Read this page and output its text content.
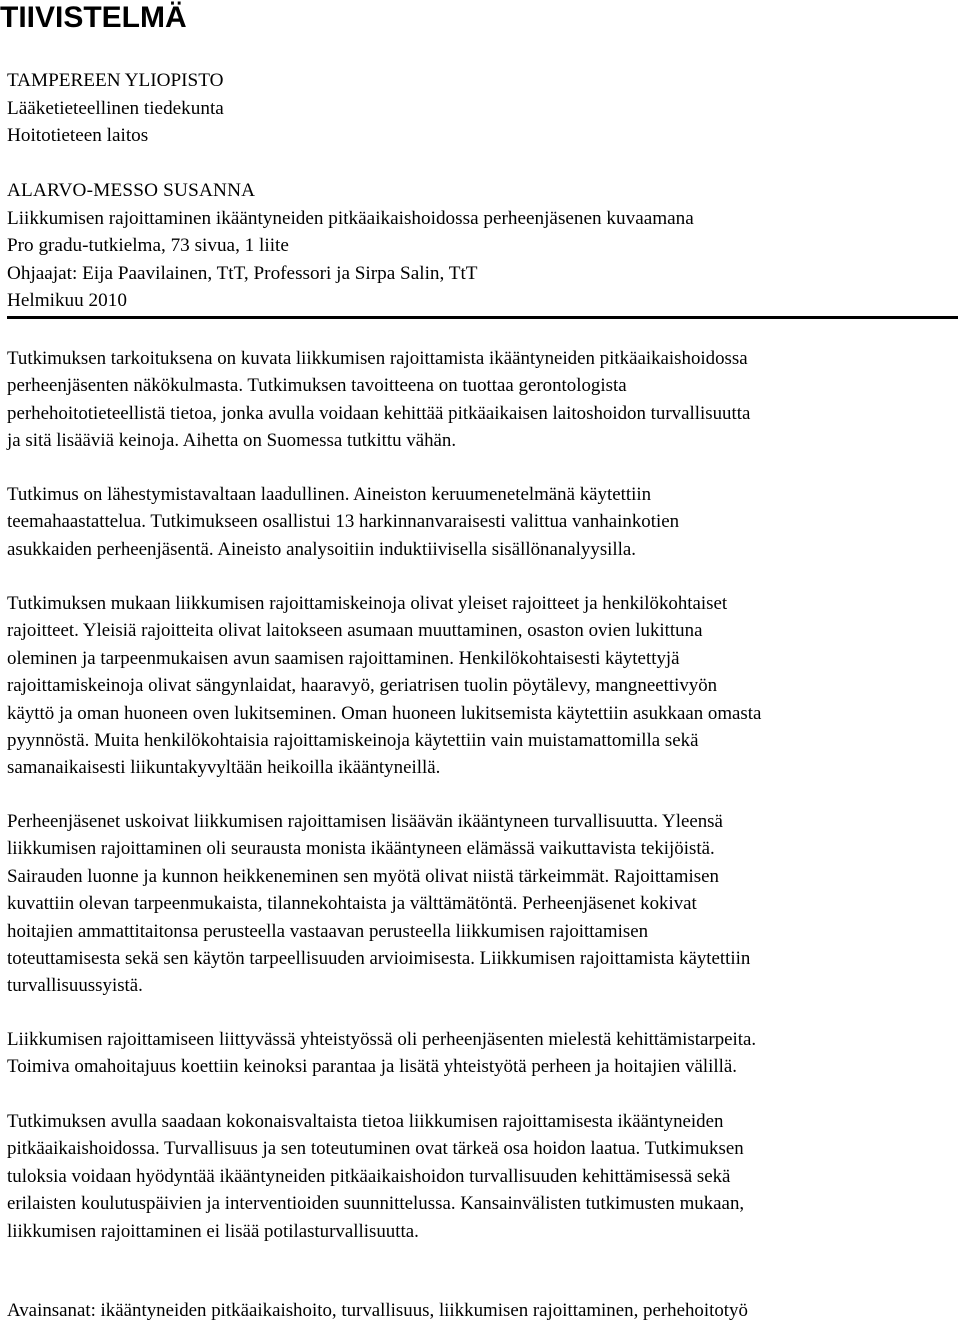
TIIVISTELMÄ
TAMPEREEN YLIOPISTO
Lääketieteellinen tiedekunta
Hoitotieteen laitos
ALARVO-MESSO SUSANNA
Liikkumisen rajoittaminen ikääntyneiden pitkäaikaishoidossa perheenjäsenen kuvaamana
Pro gradu-tutkielma, 73 sivua, 1 liite
Ohjaajat: Eija Paavilainen, TtT, Professori ja Sirpa Salin, TtT
Helmikuu 2010
Tutkimuksen tarkoituksena on kuvata liikkumisen rajoittamista ikääntyneiden pitkäaikaishoidossa
perheenjäsenten näkökulmasta. Tutkimuksen tavoitteena on tuottaa gerontologista
perhehoitotieteellistä tietoa, jonka avulla voidaan kehittää pitkäaikaisen laitoshoidon turvallisuutta
ja sitä lisääviä keinoja. Aihetta on Suomessa tutkittu vähän.
Tutkimus on lähestymistavaltaan laadullinen. Aineiston keruumenetelmänä käytettiin
teemahaastattelua. Tutkimukseen osallistui 13 harkinnanvaraisesti valittua vanhainkotien
asukkaiden perheenjäsentä. Aineisto analysoitiin induktiivisella sisällönanalyysilla.
Tutkimuksen mukaan liikkumisen rajoittamiskeinoja olivat yleiset rajoitteet ja henkilökohtaiset
rajoitteet. Yleisiä rajoitteita olivat laitokseen asumaan muuttaminen, osaston ovien lukittuna
oleminen ja tarpeenmukaisen avun saamisen rajoittaminen. Henkilökohtaisesti käytettyjä
rajoittamiskeinoja olivat sängynlaidat, haaravyö, geriatrisen tuolin pöytälevy, mangneettivyön
käyttö ja oman huoneen oven lukitseminen. Oman huoneen lukitsemista käytettiin asukkaan omasta
pyynnöstä. Muita henkilökohtaisia rajoittamiskeinoja käytettiin vain muistamattomilla sekä
samanaikaisesti liikuntakyvyltään heikoilla ikääntyneillä.
Perheenjäsenet uskoivat liikkumisen rajoittamisen lisäävän ikääntyneen turvallisuutta. Yleensä
liikkumisen rajoittaminen oli seurausta monista ikääntyneen elämässä vaikuttavista tekijöistä.
Sairauden luonne ja kunnon heikkeneminen sen myötä olivat niistä tärkeimmät. Rajoittamisen
kuvattiin olevan tarpeenmukaista, tilannekohtaista ja välttämätöntä. Perheenjäsenet kokivat
hoitajien ammattitaitonsa perusteella vastaavan perusteella liikkumisen rajoittamisen
toteuttamisesta sekä sen käytön tarpeellisuuden arvioimisesta. Liikkumisen rajoittamista käytettiin
turvallisuussyistä.
Liikkumisen rajoittamiseen liittyvässä yhteistyössä oli perheenjäsenten mielestä kehittämistarpeita.
Toimiva omahoitajuus koettiin keinoksi parantaa ja lisätä yhteistyötä perheen ja hoitajien välillä.
Tutkimuksen avulla saadaan kokonaisvaltaista tietoa liikkumisen rajoittamisesta ikääntyneiden
pitkäaikaishoidossa. Turvallisuus ja sen toteutuminen ovat tärkeä osa hoidon laatua. Tutkimuksen
tuloksia voidaan hyödyntää ikääntyneiden pitkäaikaishoidon turvallisuuden kehittämisessä sekä
erilaisten koulutuspäivien ja interventioiden suunnittelussa. Kansainvälisten tutkimusten mukaan,
liikkumisen rajoittaminen ei lisää potilasturvallisuutta.
Avainsanat: ikääntyneiden pitkäaikaishoito, turvallisuus, liikkumisen rajoittaminen, perhehoitotyö
